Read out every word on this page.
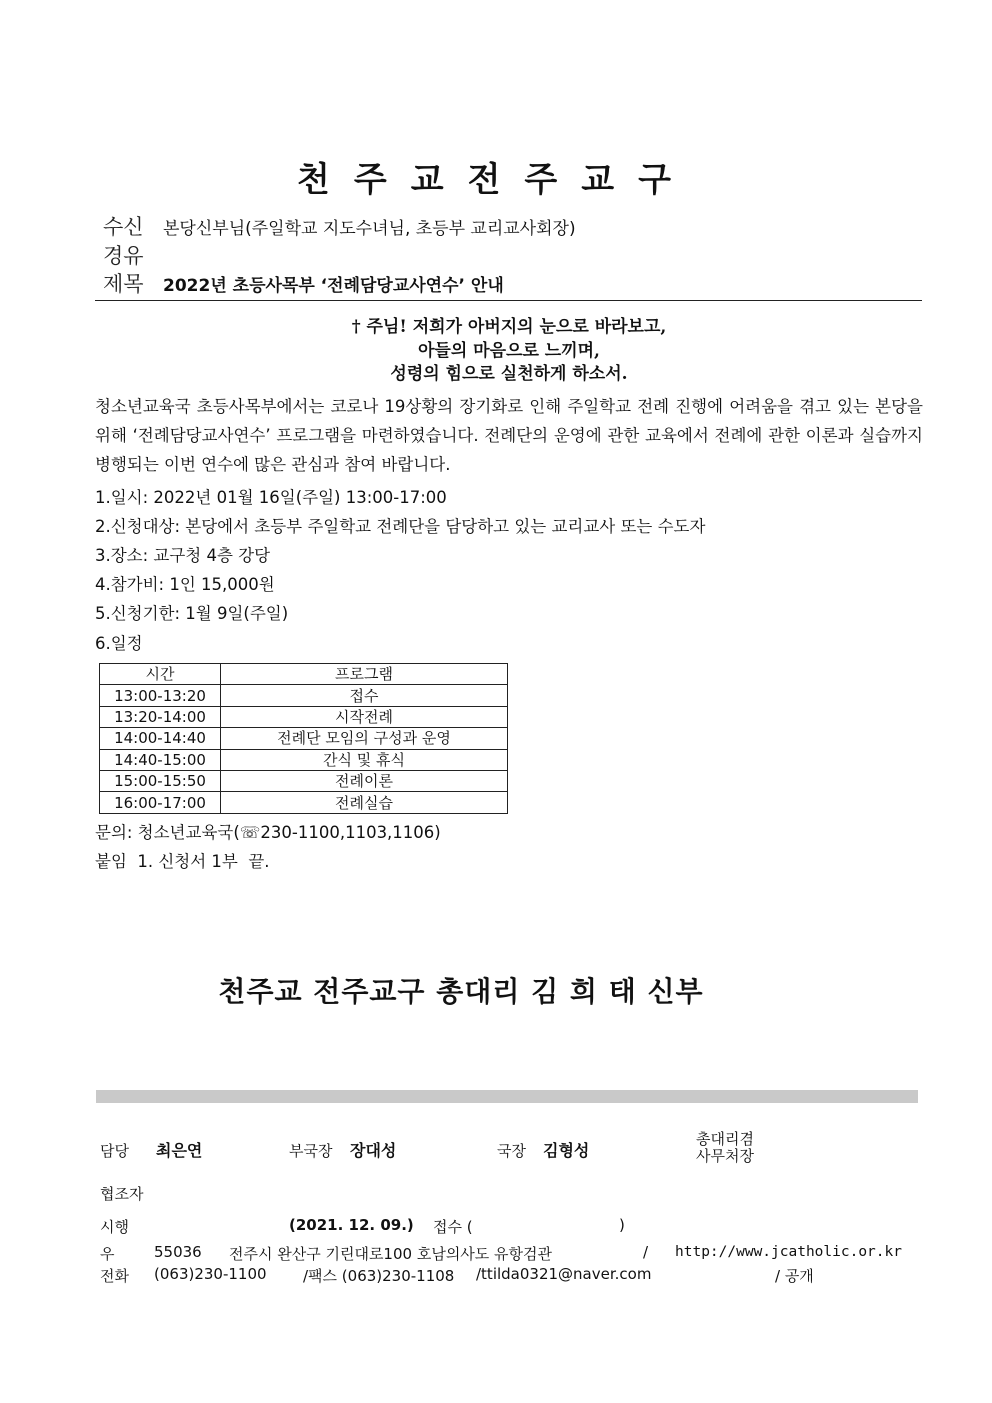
천주교전주교구
수신 본당신부님(주일학교 지도수녀님, 초등부 교리교사회장)
경유
제목 2022년 초등사목부 ‘전례담당교사연수’ 안내
† 주님! 저희가 아버지의 눈으로 바라보고,
아들의 마음으로 느끼며,
성령의 힘으로 실천하게 하소서.
청소년교육국 초등사목부에서는 코로나 19상황의 장기화로 인해 주일학교 전례 진행에 어려움을 겪고 있는 본당을 위해 ‘전례담당교사연수’ 프로그램을 마련하였습니다. 전례단의 운영에 관한 교육에서 전례에 관한 이론과 실습까지 병행되는 이번 연수에 많은 관심과 참여 바랍니다.
1.일시: 2022년 01월 16일(주일) 13:00-17:00
2.신청대상: 본당에서 초등부 주일학교 전례단을 담당하고 있는 교리교사 또는 수도자
3.장소: 교구청 4층 강당
4.참가비: 1인 15,000원
5.신청기한: 1월 9일(주일)
6.일정
시간	프로그램
13:00-13:20	접수
13:20-14:00	시작전례
14:00-14:40	전례단 모임의 구성과 운영
14:40-15:00	간식 및 휴식
15:00-15:50	전례이론
16:00-17:00	전례실습
문의: 청소년교육국(☏230-1100,1103,1106)
붙임  1. 신청서 1부  끝.
천주교 전주교구 총대리 김 희 태 신부
담당 최은연	부국장 장대성	국장 김형성
총대리겸
사무처장
협조자
시행	(2021. 12. 09.) 접수 (	)
우	55036 전주시 완산구 기린대로100 호남의사도 유항검관	/ http://www.jcatholic.or.kr
전화 (063)230-1100 /팩스 (063)230-1108 /ttilda0321@naver.com	/ 공개
